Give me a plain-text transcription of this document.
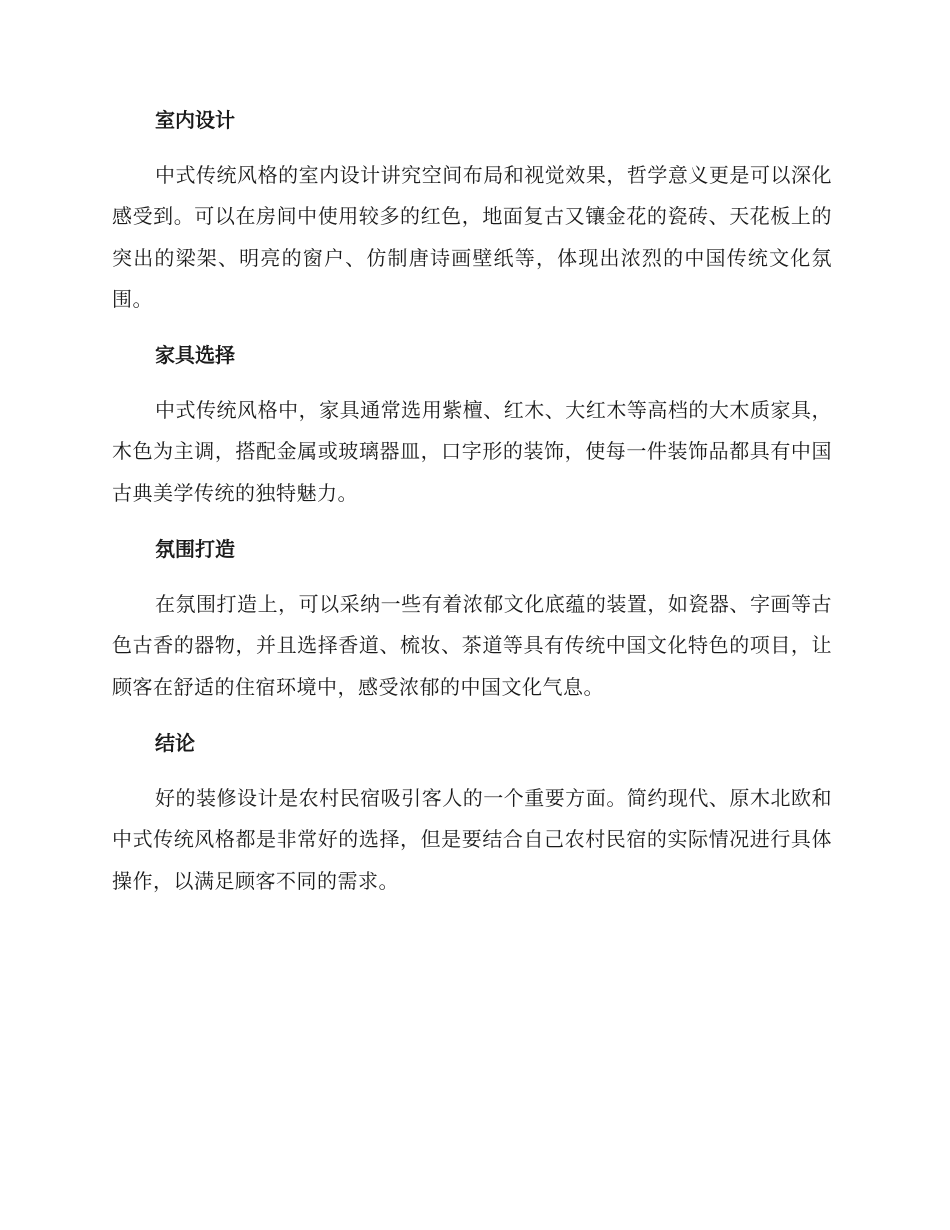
室内设计

中式传统风格的室内设计讲究空间布局和视觉效果，哲学意义更是可以深化感受到。可以在房间中使用较多的红色，地面复古又镶金花的瓷砖、天花板上的突出的梁架、明亮的窗户、仿制唐诗画壁纸等，体现出浓烈的中国传统文化氛围。

家具选择

中式传统风格中，家具通常选用紫檀、红木、大红木等高档的大木质家具，木色为主调，搭配金属或玻璃器皿，口字形的装饰，使每一件装饰品都具有中国古典美学传统的独特魅力。

氛围打造

在氛围打造上，可以采纳一些有着浓郁文化底蕴的装置，如瓷器、字画等古色古香的器物，并且选择香道、梳妆、茶道等具有传统中国文化特色的项目，让顾客在舒适的住宿环境中，感受浓郁的中国文化气息。

结论

好的装修设计是农村民宿吸引客人的一个重要方面。简约现代、原木北欧和中式传统风格都是非常好的选择，但是要结合自己农村民宿的实际情况进行具体操作，以满足顾客不同的需求。
